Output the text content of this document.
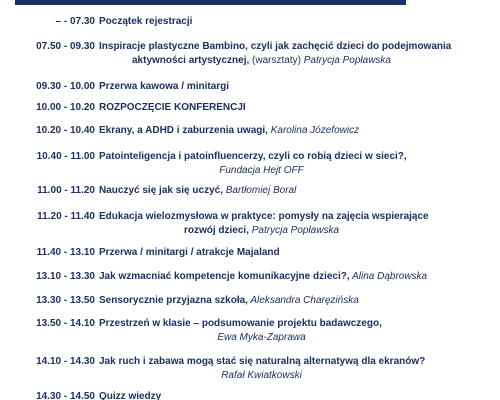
– - 07.30 Początek rejestracji
07.50 - 09.30 Inspiracje plastyczne Bambino, czyli jak zachęcić dzieci do podejmowania
aktywności artystycznej, (warsztaty) Patrycja Popławska
09.30 - 10.00 Przerwa kawowa / minitargi
10.00 - 10.20 ROZPOCZĘCIE KONFERENCJI
10.20 - 10.40 Ekrany, a ADHD i zaburzenia uwagi, Karolina Józefowicz
10.40 - 11.00 Patointeligencja i patoinfluencerzy, czyli co robią dzieci w sieci?,
Fundacja Hejt OFF
11.00 - 11.20 Nauczyć się jak się uczyć, Bartłomiej Boral
11.20 - 11.40 Edukacja wielozmysłowa w praktyce: pomysły na zajęcia wspierające
rozwój dzieci, Patrycja Popławska
11.40 - 13.10 Przerwa / minitargi / atrakcje Majaland
13.10 - 13.30 Jak wzmacniać kompetencje komunikacyjne dzieci?, Alina Dąbrowska
13.30 - 13.50 Sensorycznie przyjazna szkoła, Aleksandra Charęzińska
13.50 - 14.10 Przestrzeń w klasie – podsumowanie projektu badawczego,
Ewa Myka-Zaprawa
14.10 - 14.30 Jak ruch i zabawa mogą stać się naturalną alternatywą dla ekranów?
Rafał Kwiatkowski
14.30 - 14.50 Quizz wiedzy
